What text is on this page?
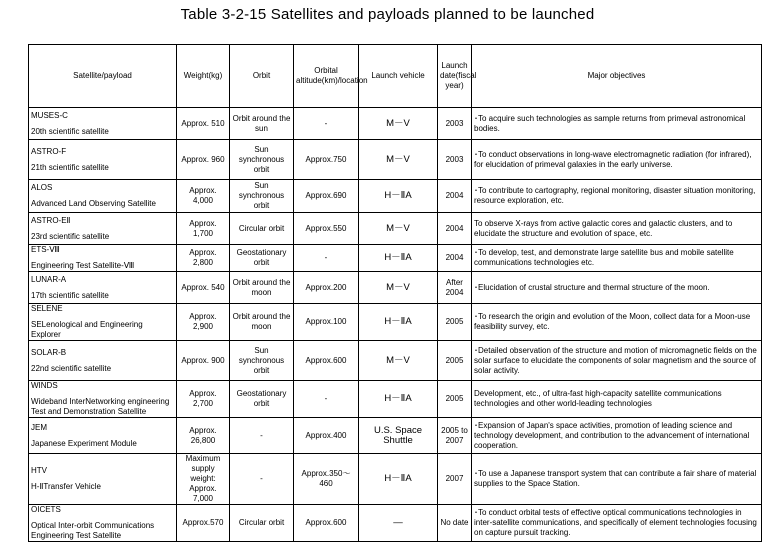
Table 3-2-15 Satellites and payloads planned to be launched
Satellite/payload	Weight(kg)	Orbit	Orbital altitude(km)/location	Launch vehicle	Launch date(fiscal year)	Major objectives

MUSES-C
20th scientific satellite	Approx. 510	Orbit around the sun	-	M－V	2003	･To acquire such technologies as sample returns from primeval astronomical bodies.

ASTRO-F
21th scientific satellite	Approx. 960	Sun synchronous orbit	Approx.750	M－V	2003	･To conduct observations in long-wave electromagnetic radiation (for infrared), for elucidation of primeval galaxies in the early universe.

ALOS
Advanced Land Observing Satellite	Approx. 4,000	Sun synchronous orbit	Approx.690	H－ⅡA	2004	･To contribute to cartography, regional monitoring, disaster situation monitoring, resource exploration, etc.

ASTRO-EⅡ
23rd scientific satellite	Approx. 1,700	Circular orbit	Approx.550	M－V	2004	To observe X-rays from active galactic cores and galactic clusters, and to elucidate the structure and evolution of space, etc.

ETS-Ⅷ
Engineering Test Satellite-Ⅷ	Approx. 2,800	Geostationary orbit	-	H－ⅡA	2004	･To develop, test, and demonstrate large satellite bus and mobile satellite communications technologies etc.

LUNAR-A
17th scientific satellite	Approx. 540	Orbit around the moon	Approx.200	M－V	After 2004	･Elucidation of crustal structure and thermal structure of the moon.

SELENE
SELenological and Engineering Explorer	Approx. 2,900	Orbit around the moon	Approx.100	H－ⅡA	2005	･To research the origin and evolution of the Moon, collect data for a Moon-use feasibility survey, etc.

SOLAR-B
22nd scientific satellite	Approx. 900	Sun synchronous orbit	Approx.600	M－V	2005	･Detailed observation of the structure and motion of micromagnetic fields on the solar surface to elucidate the components of solar magnetism and the source of solar activity.

WINDS
Wideband InterNetworking engineering Test and Demonstration Satellite	Approx. 2,700	Geostationary orbit	-	H－ⅡA	2005	Development, etc., of ultra-fast high-capacity satellite communications technologies and other world-leading technologies

JEM
Japanese Experiment Module	Approx. 26,800	-	Approx.400	U.S. Space Shuttle	2005 to 2007	･Expansion of Japan's space activities, promotion of leading science and technology development, and contribution to the advancement of international cooperation.

HTV
H-ⅡTransfer Vehicle	Maximum supply weight: Approx. 7,000	-	Approx.350～460	H－ⅡA	2007	･To use a Japanese transport system that can contribute a fair share of material supplies to the Space Station.

OICETS
Optical Inter-orbit Communications Engineering Test Satellite	Approx.570	Circular orbit	Approx.600	―	No date	･To conduct orbital tests of effective optical communications technologies in inter-satellite communications, and specifically of element technologies focusing on capture pursuit tracking.
